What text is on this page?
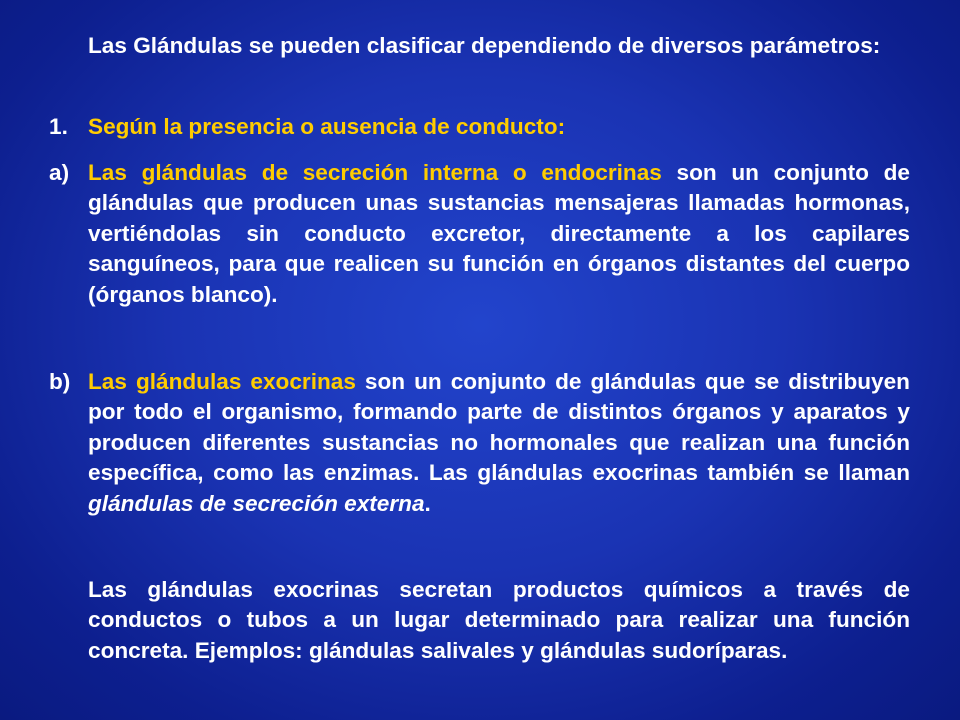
Las Glándulas se pueden clasificar dependiendo de diversos parámetros:

1. Según la presencia o ausencia de conducto:

a) Las glándulas de secreción interna o endocrinas son un conjunto de glándulas que producen unas sustancias mensajeras llamadas hormonas, vertiéndolas sin conducto excretor, directamente a los capilares sanguíneos, para que realicen su función en órganos distantes del cuerpo (órganos blanco).

b) Las glándulas exocrinas son un conjunto de glándulas que se distribuyen por todo el organismo, formando parte de distintos órganos y aparatos y producen diferentes sustancias no hormonales que realizan una función específica, como las enzimas. Las glándulas exocrinas también se llaman glándulas de secreción externa.

Las glándulas exocrinas secretan productos químicos a través de conductos o tubos a un lugar determinado para realizar una función concreta. Ejemplos: glándulas salivales y glándulas sudoríparas.
